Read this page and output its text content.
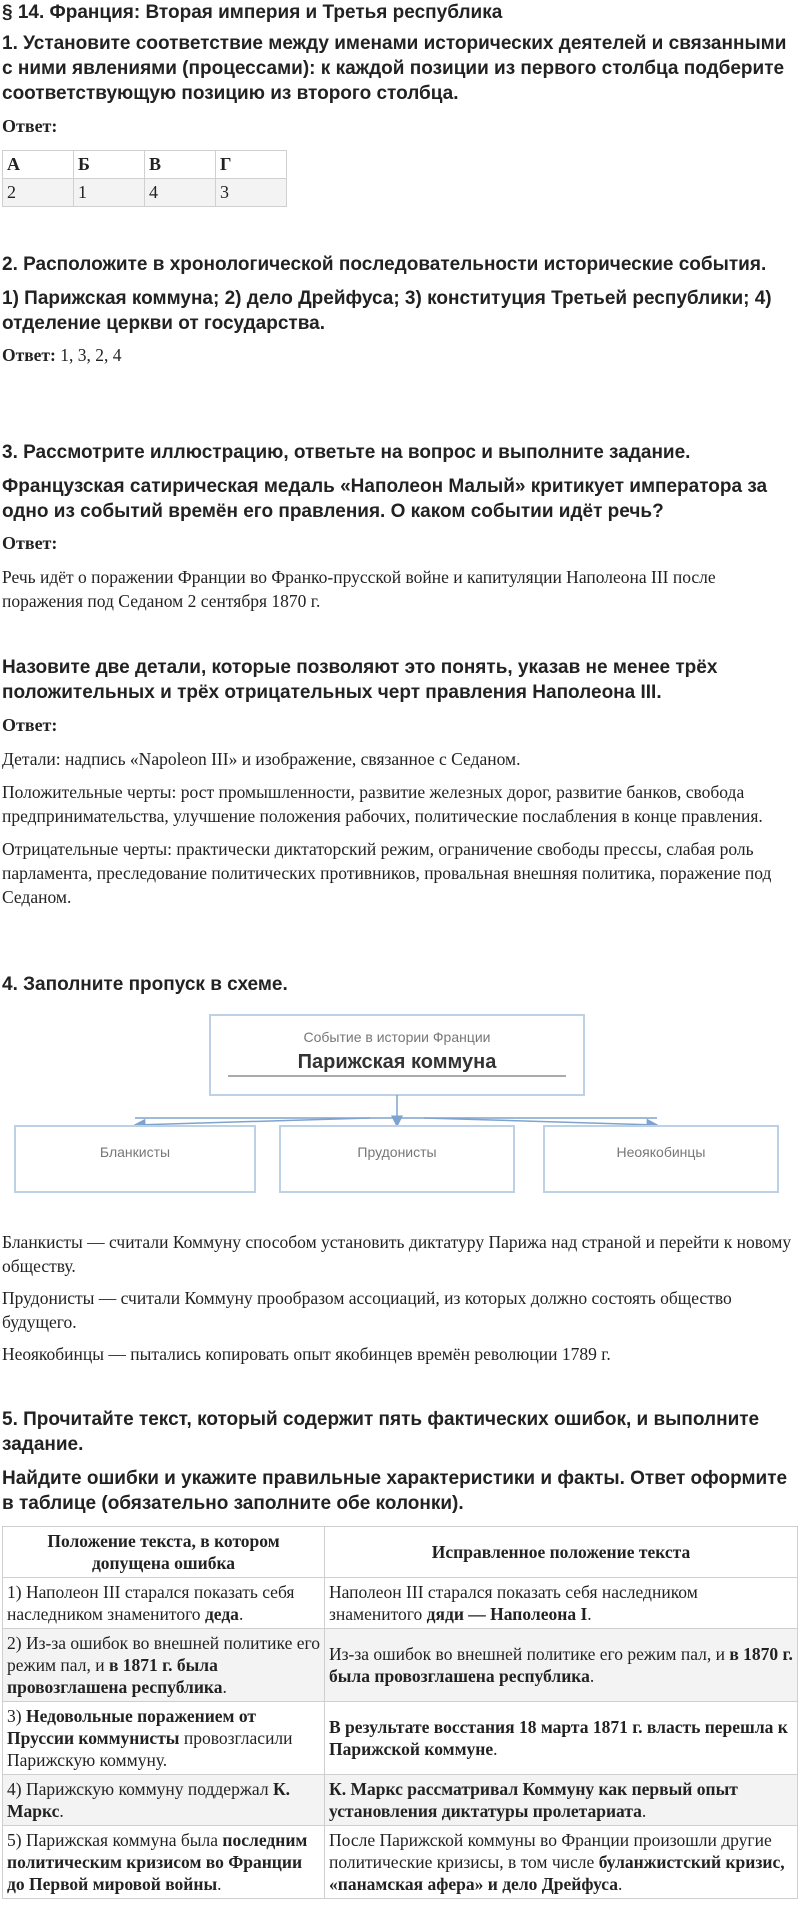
§ 14. Франция: Вторая империя и Третья республика

1. Установите соответствие между именами исторических деятелей и связанными с ними явлениями (процессами): к каждой позиции из первого столбца подберите соответствующую позицию из второго столбца.

Ответ:

А	Б	В	Г
2	1	4	3

2. Расположите в хронологической последовательности исторические события.

1) Парижская коммуна; 2) дело Дрейфуса; 3) конституция Третьей республики; 4) отделение церкви от государства.

Ответ: 1, 3, 2, 4

3. Рассмотрите иллюстрацию, ответьте на вопрос и выполните задание.

Французская сатирическая медаль «Наполеон Малый» критикует императора за одно из событий времён его правления. О каком событии идёт речь?

Ответ:

Речь идёт о поражении Франции во Франко-прусской войне и капитуляции Наполеона III после поражения под Седаном 2 сентября 1870 г.

Назовите две детали, которые позволяют это понять, указав не менее трёх положительных и трёх отрицательных черт правления Наполеона III.

Ответ:

Детали: надпись «Napoleon III» и изображение, связанное с Седаном.

Положительные черты: рост промышленности, развитие железных дорог, развитие банков, свобода предпринимательства, улучшение положения рабочих, политические послабления в конце правления.

Отрицательные черты: практически диктаторский режим, ограничение свободы прессы, слабая роль парламента, преследование политических противников, провальная внешняя политика, поражение под Седаном.

4. Заполните пропуск в схеме.

Событие в истории Франции
Парижская коммуна
Бланкисты	Прудонисты	Неоякобинцы

Бланкисты — считали Коммуну способом установить диктатуру Парижа над страной и перейти к новому обществу.

Прудонисты — считали Коммуну прообразом ассоциаций, из которых должно состоять общество будущего.

Неоякобинцы — пытались копировать опыт якобинцев времён революции 1789 г.

5. Прочитайте текст, который содержит пять фактических ошибок, и выполните задание.

Найдите ошибки и укажите правильные характеристики и факты. Ответ оформите в таблице (обязательно заполните обе колонки).

Положение текста, в котором допущена ошибка	Исправленное положение текста
1) Наполеон III старался показать себя наследником знаменитого деда.	Наполеон III старался показать себя наследником знаменитого дяди — Наполеона I.
2) Из-за ошибок во внешней политике его режим пал, и в 1871 г. была провозглашена республика.	Из-за ошибок во внешней политике его режим пал, и в 1870 г. была провозглашена республика.
3) Недовольные поражением от Пруссии коммунисты провозгласили Парижскую коммуну.	В результате восстания 18 марта 1871 г. власть перешла к Парижской коммуне.
4) Парижскую коммуну поддержал К. Маркс.	К. Маркс рассматривал Коммуну как первый опыт установления диктатуры пролетариата.
5) Парижская коммуна была последним политическим кризисом во Франции до Первой мировой войны.	После Парижской коммуны во Франции произошли другие политические кризисы, в том числе буланжистский кризис, «панамская афера» и дело Дрейфуса.
